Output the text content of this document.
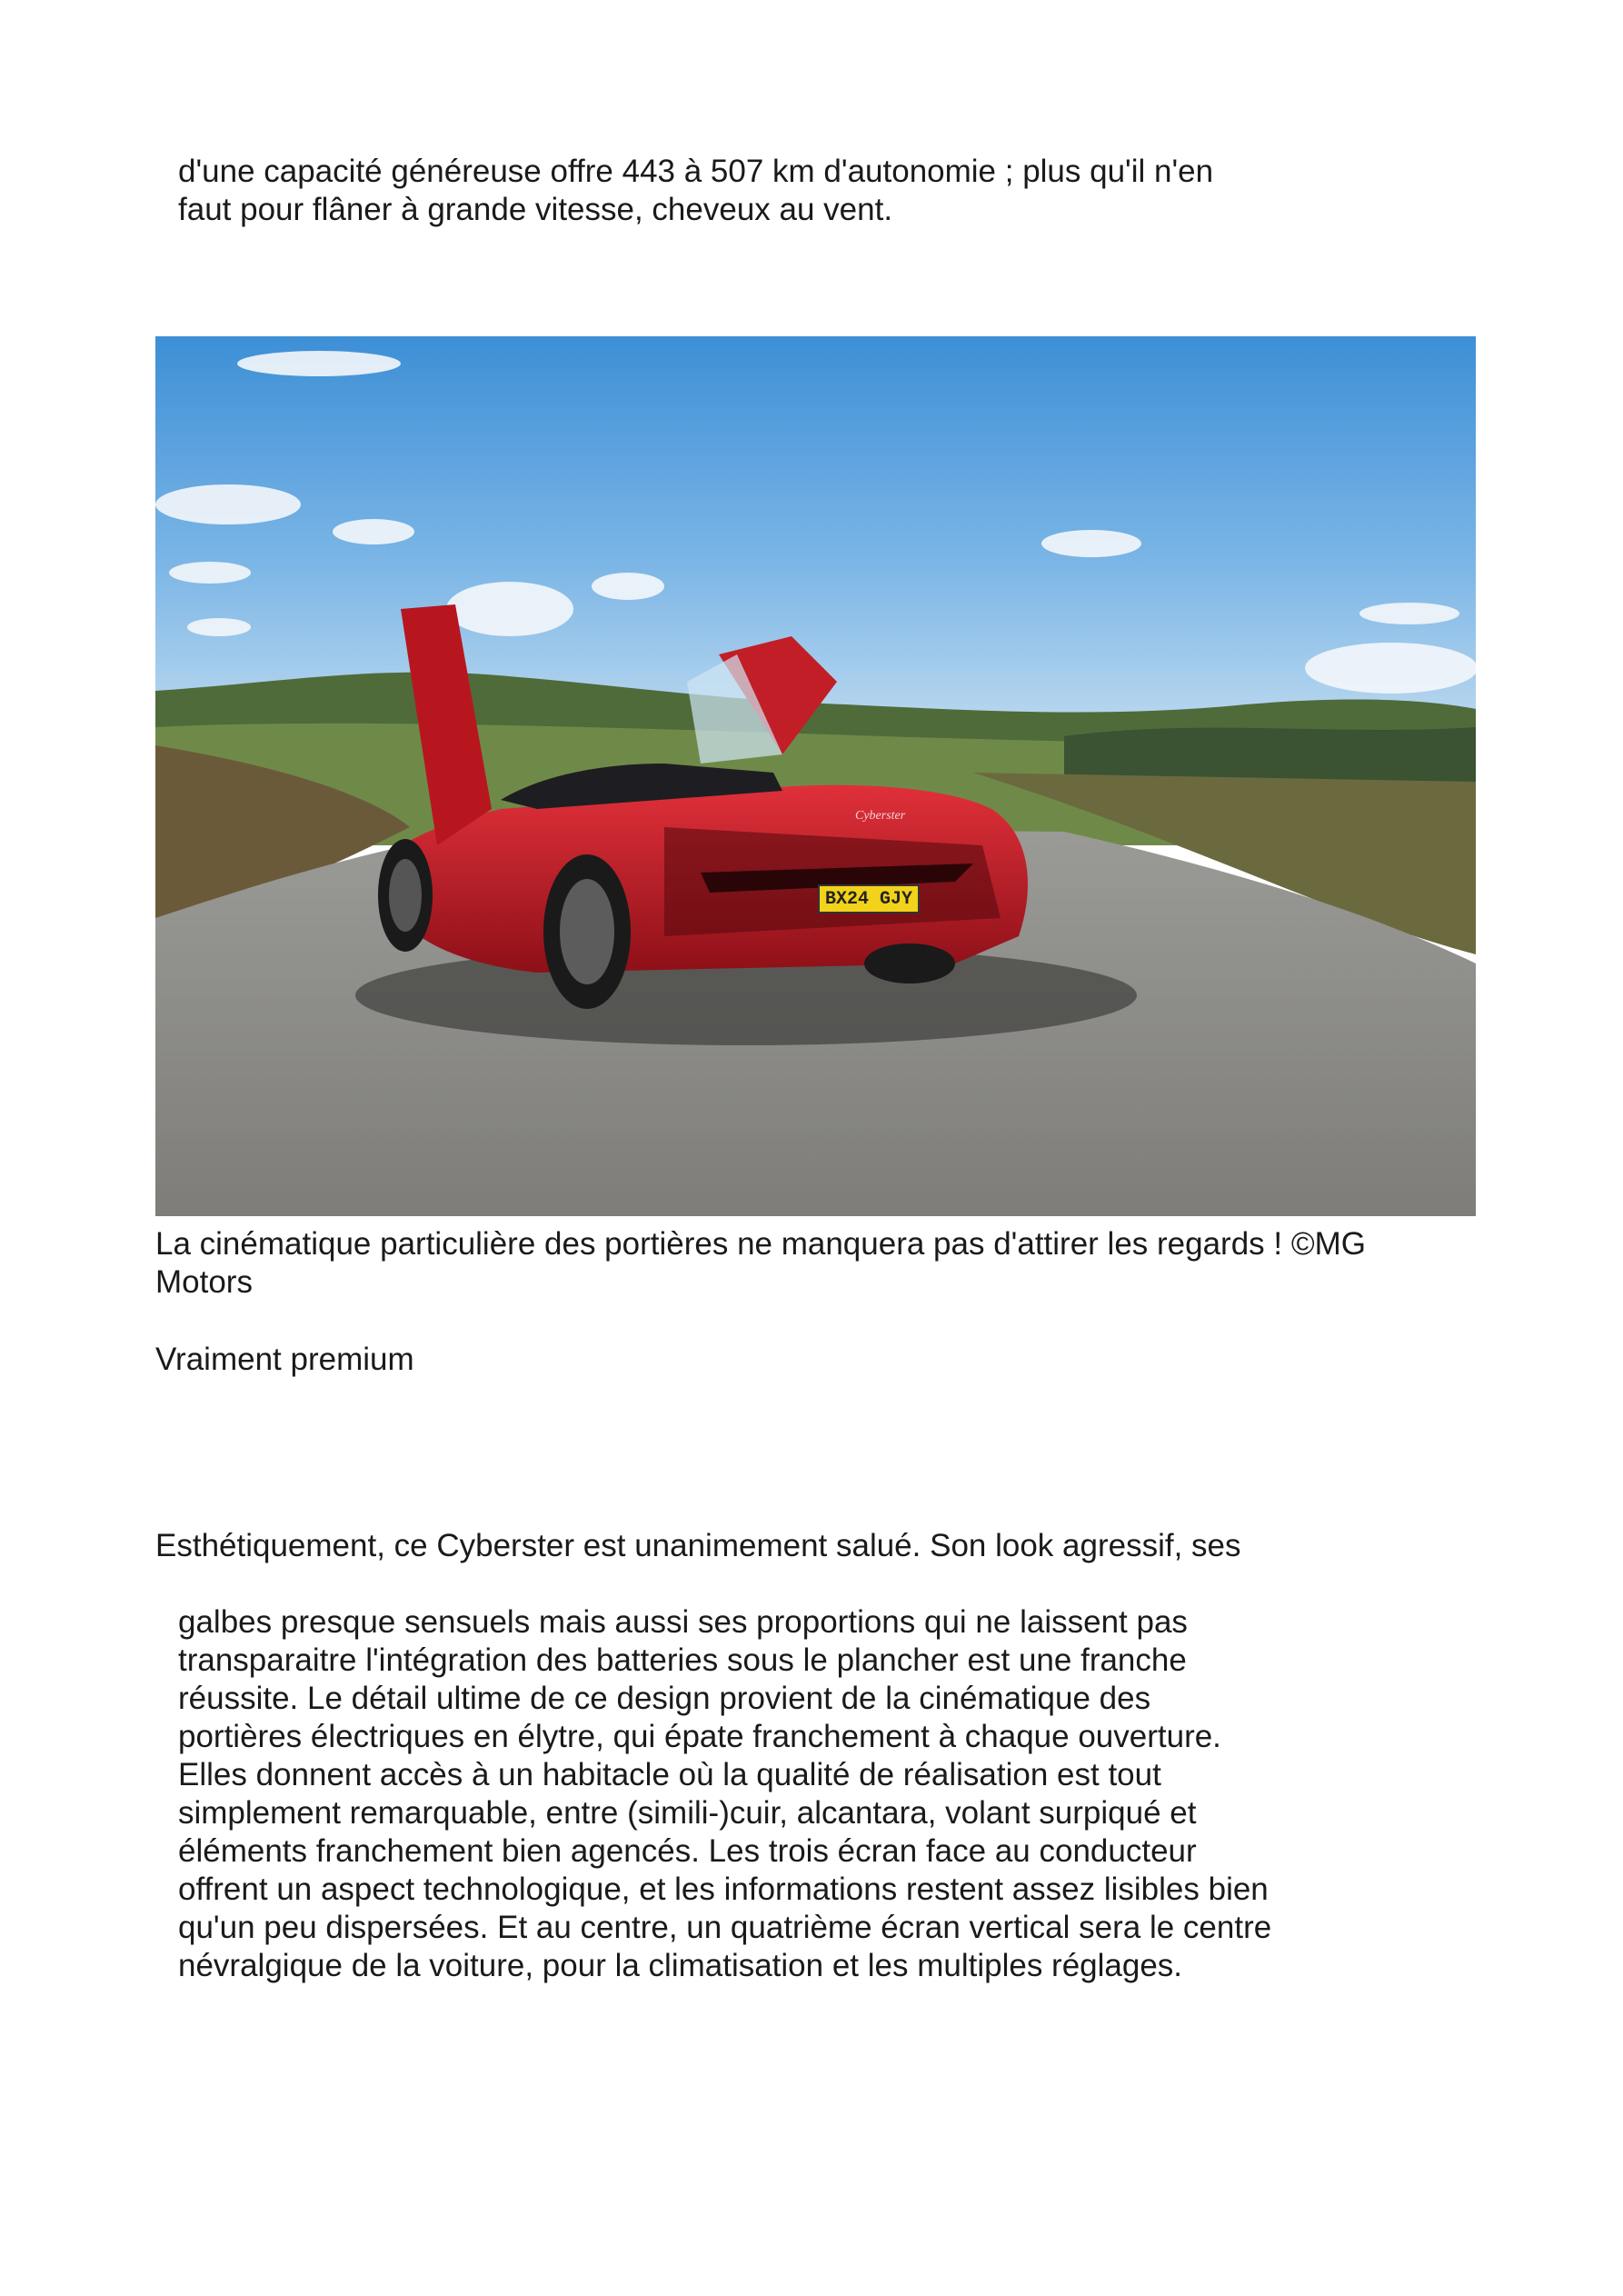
d'une capacité généreuse offre 443 à 507 km d'autonomie ; plus qu'il n'en
faut pour flâner à grande vitesse, cheveux au vent.

BX24 GJY
Cyberster

La cinématique particulière des portières ne manquera pas d'attirer les regards ! ©MG
Motors

Vraiment premium

Esthétiquement, ce Cyberster est unanimement salué. Son look agressif, ses

galbes presque sensuels mais aussi ses proportions qui ne laissent pas
transparaitre l'intégration des batteries sous le plancher est une franche
réussite. Le détail ultime de ce design provient de la cinématique des
portières électriques en élytre, qui épate franchement à chaque ouverture.
Elles donnent accès à un habitacle où la qualité de réalisation est tout
simplement remarquable, entre (simili-)cuir, alcantara, volant surpiqué et
éléments franchement bien agencés. Les trois écran face au conducteur
offrent un aspect technologique, et les informations restent assez lisibles bien
qu'un peu dispersées. Et au centre, un quatrième écran vertical sera le centre
névralgique de la voiture, pour la climatisation et les multiples réglages.
